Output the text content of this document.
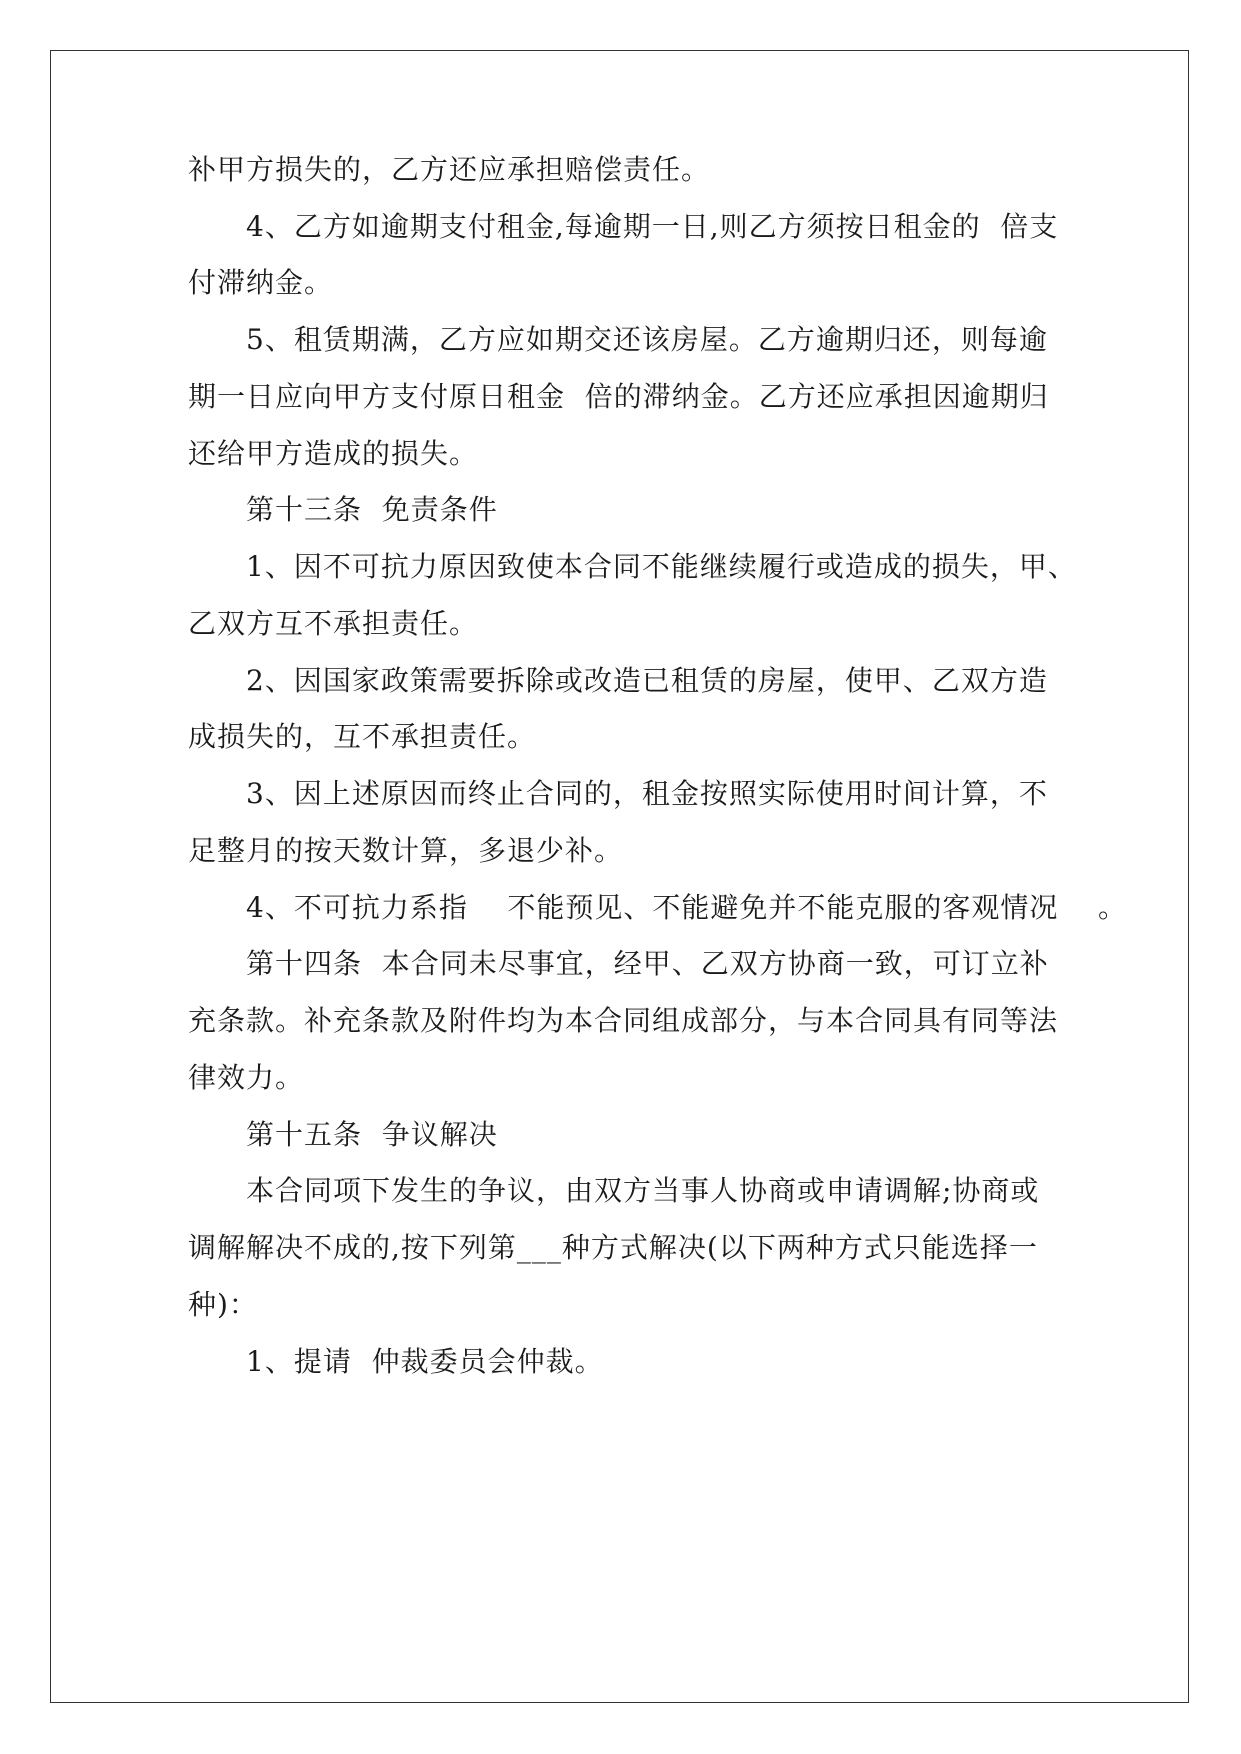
补甲方损失的，乙方还应承担赔偿责任。
4、乙方如逾期支付租金,每逾期一日,则乙方须按日租金的  倍支
付滞纳金。
5、租赁期满，乙方应如期交还该房屋。乙方逾期归还，则每逾
期一日应向甲方支付原日租金  倍的滞纳金。乙方还应承担因逾期归
还给甲方造成的损失。
第十三条  免责条件
1、因不可抗力原因致使本合同不能继续履行或造成的损失，甲、
乙双方互不承担责任。
2、因国家政策需要拆除或改造已租赁的房屋，使甲、乙双方造
成损失的，互不承担责任。
3、因上述原因而终止合同的，租金按照实际使用时间计算，不
足整月的按天数计算，多退少补。
4、不可抗力系指    不能预见、不能避免并不能克服的客观情况    。
第十四条  本合同未尽事宜，经甲、乙双方协商一致，可订立补
充条款。补充条款及附件均为本合同组成部分，与本合同具有同等法
律效力。
第十五条  争议解决
本合同项下发生的争议，由双方当事人协商或申请调解;协商或
调解解决不成的,按下列第___种方式解决(以下两种方式只能选择一
种)：
1、提请  仲裁委员会仲裁。
